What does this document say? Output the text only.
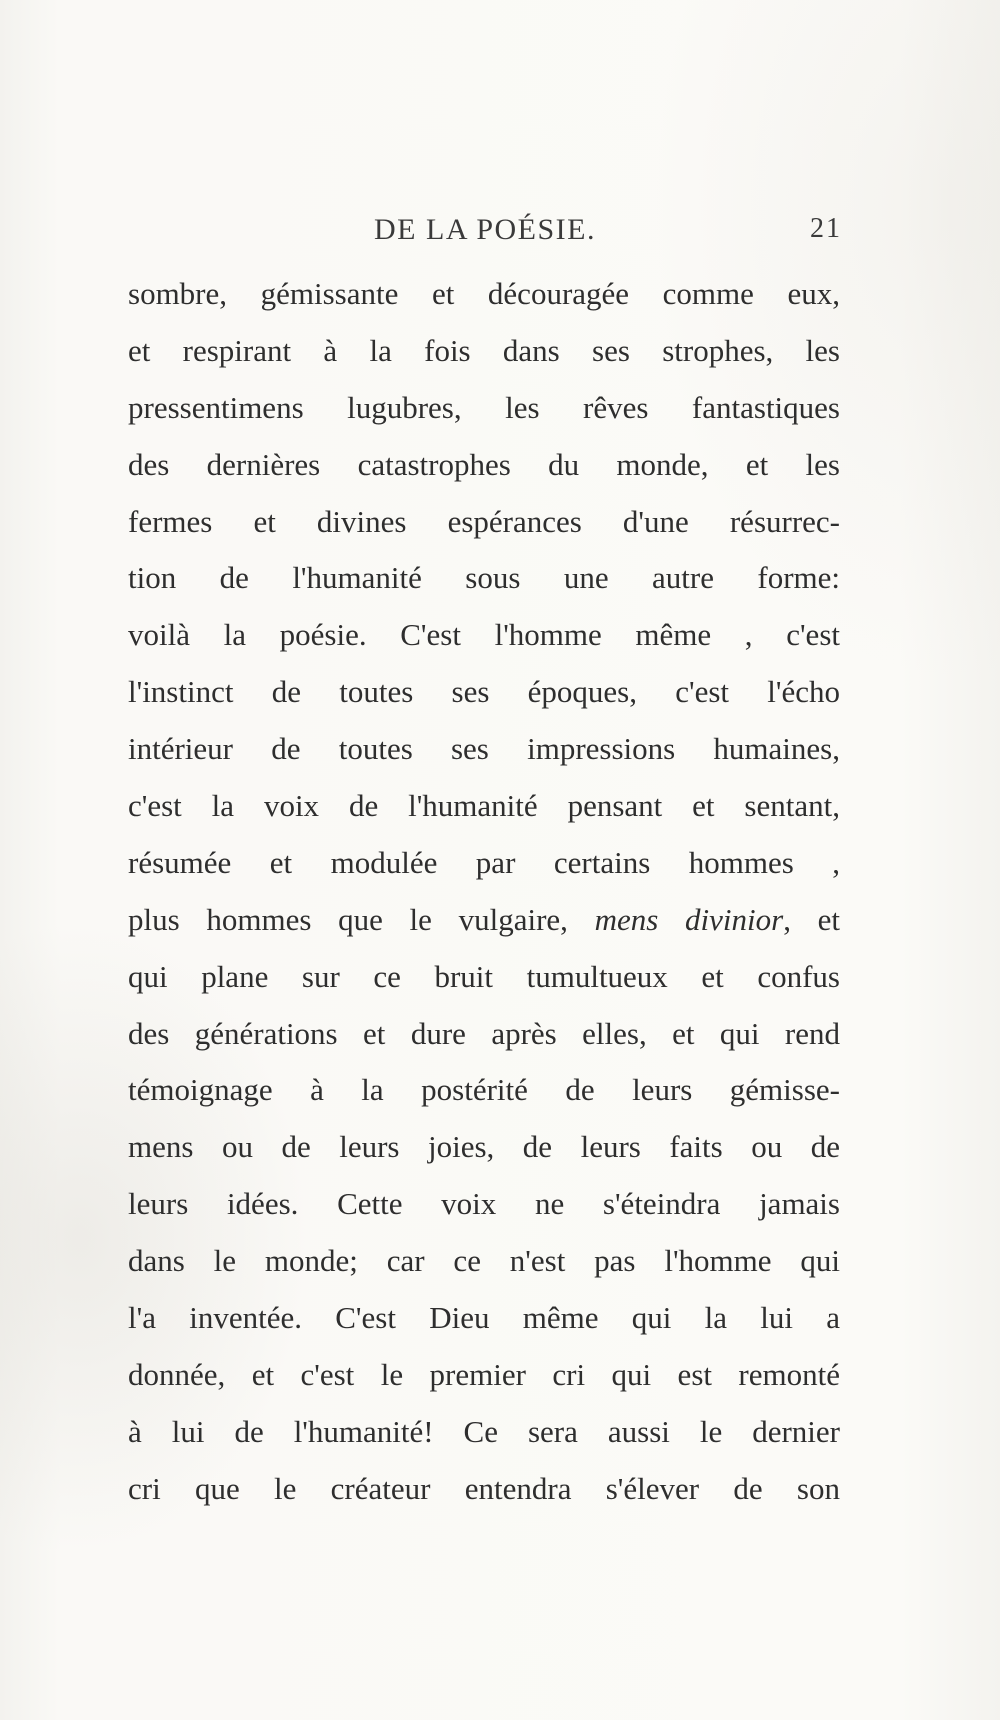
DE LA POÉSIE.	21
sombre, gémissante et découragée comme eux,
et respirant à la fois dans ses strophes, les
pressentimens lugubres, les rêves fantastiques
des dernières catastrophes du monde, et les
fermes et divines espérances d'une résurrec-
tion de l'humanité sous une autre forme:
voilà la poésie. C'est l'homme même , c'est
l'instinct de toutes ses époques, c'est l'écho
intérieur de toutes ses impressions humaines,
c'est la voix de l'humanité pensant et sentant,
résumée et modulée par certains hommes ,
plus hommes que le vulgaire, mens divinior, et
qui plane sur ce bruit tumultueux et confus
des générations et dure après elles, et qui rend
témoignage à la postérité de leurs gémisse-
mens ou de leurs joies, de leurs faits ou de
leurs idées. Cette voix ne s'éteindra jamais
dans le monde; car ce n'est pas l'homme qui
l'a inventée. C'est Dieu même qui la lui a
donnée, et c'est le premier cri qui est remonté
à lui de l'humanité! Ce sera aussi le dernier
cri que le créateur entendra s'élever de son
